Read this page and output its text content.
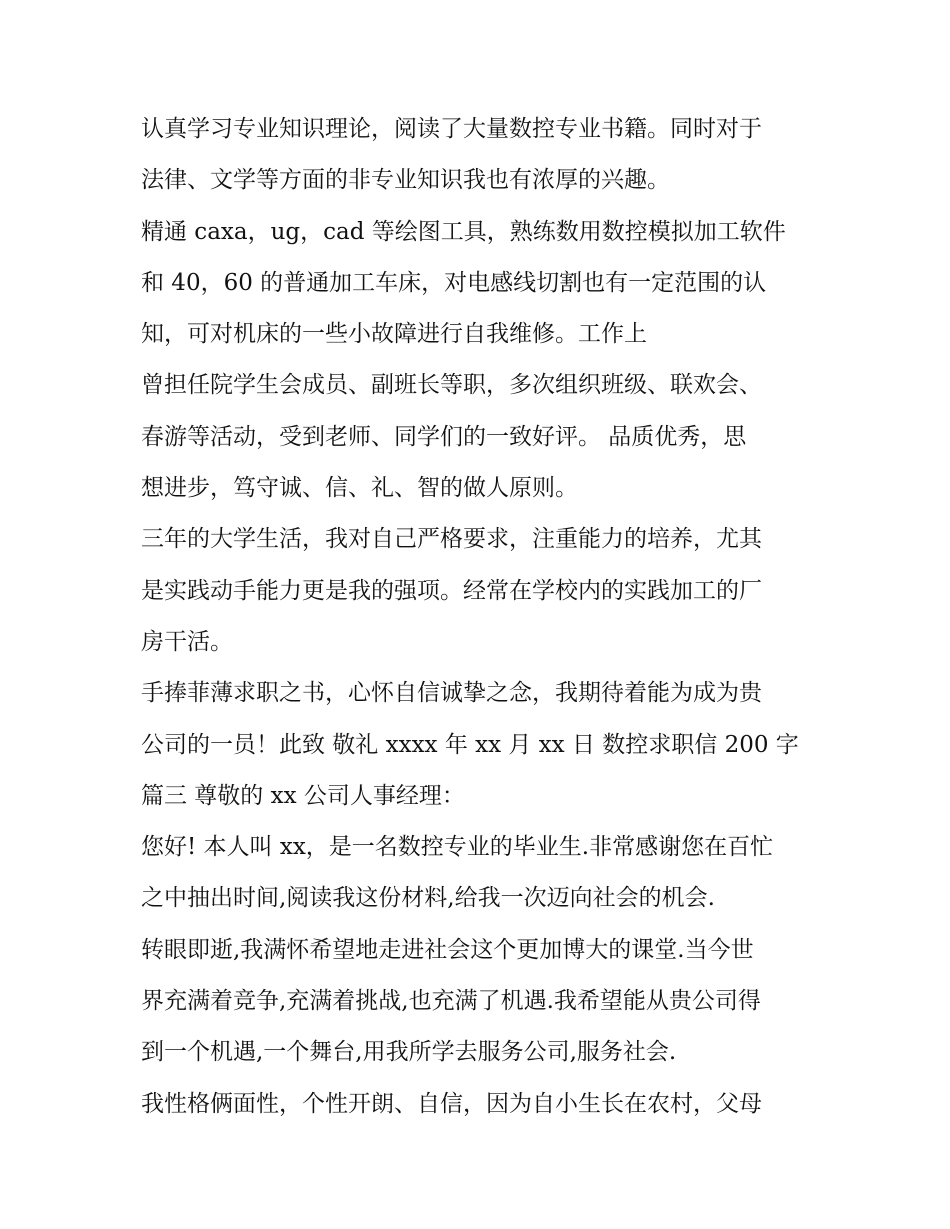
认真学习专业知识理论，阅读了大量数控专业书籍。同时对于
法律、文学等方面的非专业知识我也有浓厚的兴趣。
精通 caxa，ug，cad 等绘图工具，熟练数用数控模拟加工软件
和 40，60 的普通加工车床，对电感线切割也有一定范围的认
知，可对机床的一些小故障进行自我维修。工作上
曾担任院学生会成员、副班长等职，多次组织班级、联欢会、
春游等活动，受到老师、同学们的一致好评。 品质优秀，思
想进步，笃守诚、信、礼、智的做人原则。
三年的大学生活，我对自己严格要求，注重能力的培养，尤其
是实践动手能力更是我的强项。经常在学校内的实践加工的厂
房干活。
手捧菲薄求职之书，心怀自信诚挚之念，我期待着能为成为贵
公司的一员！此致 敬礼 xxxx 年 xx 月 xx 日 数控求职信 200 字
篇三 尊敬的 xx 公司人事经理：
您好! 本人叫 xx，是一名数控专业的毕业生.非常感谢您在百忙
之中抽出时间,阅读我这份材料,给我一次迈向社会的机会.
转眼即逝,我满怀希望地走进社会这个更加博大的课堂.当今世
界充满着竞争,充满着挑战,也充满了机遇.我希望能从贵公司得
到一个机遇,一个舞台,用我所学去服务公司,服务社会.
我性格俩面性，个性开朗、自信，因为自小生长在农村，父母
